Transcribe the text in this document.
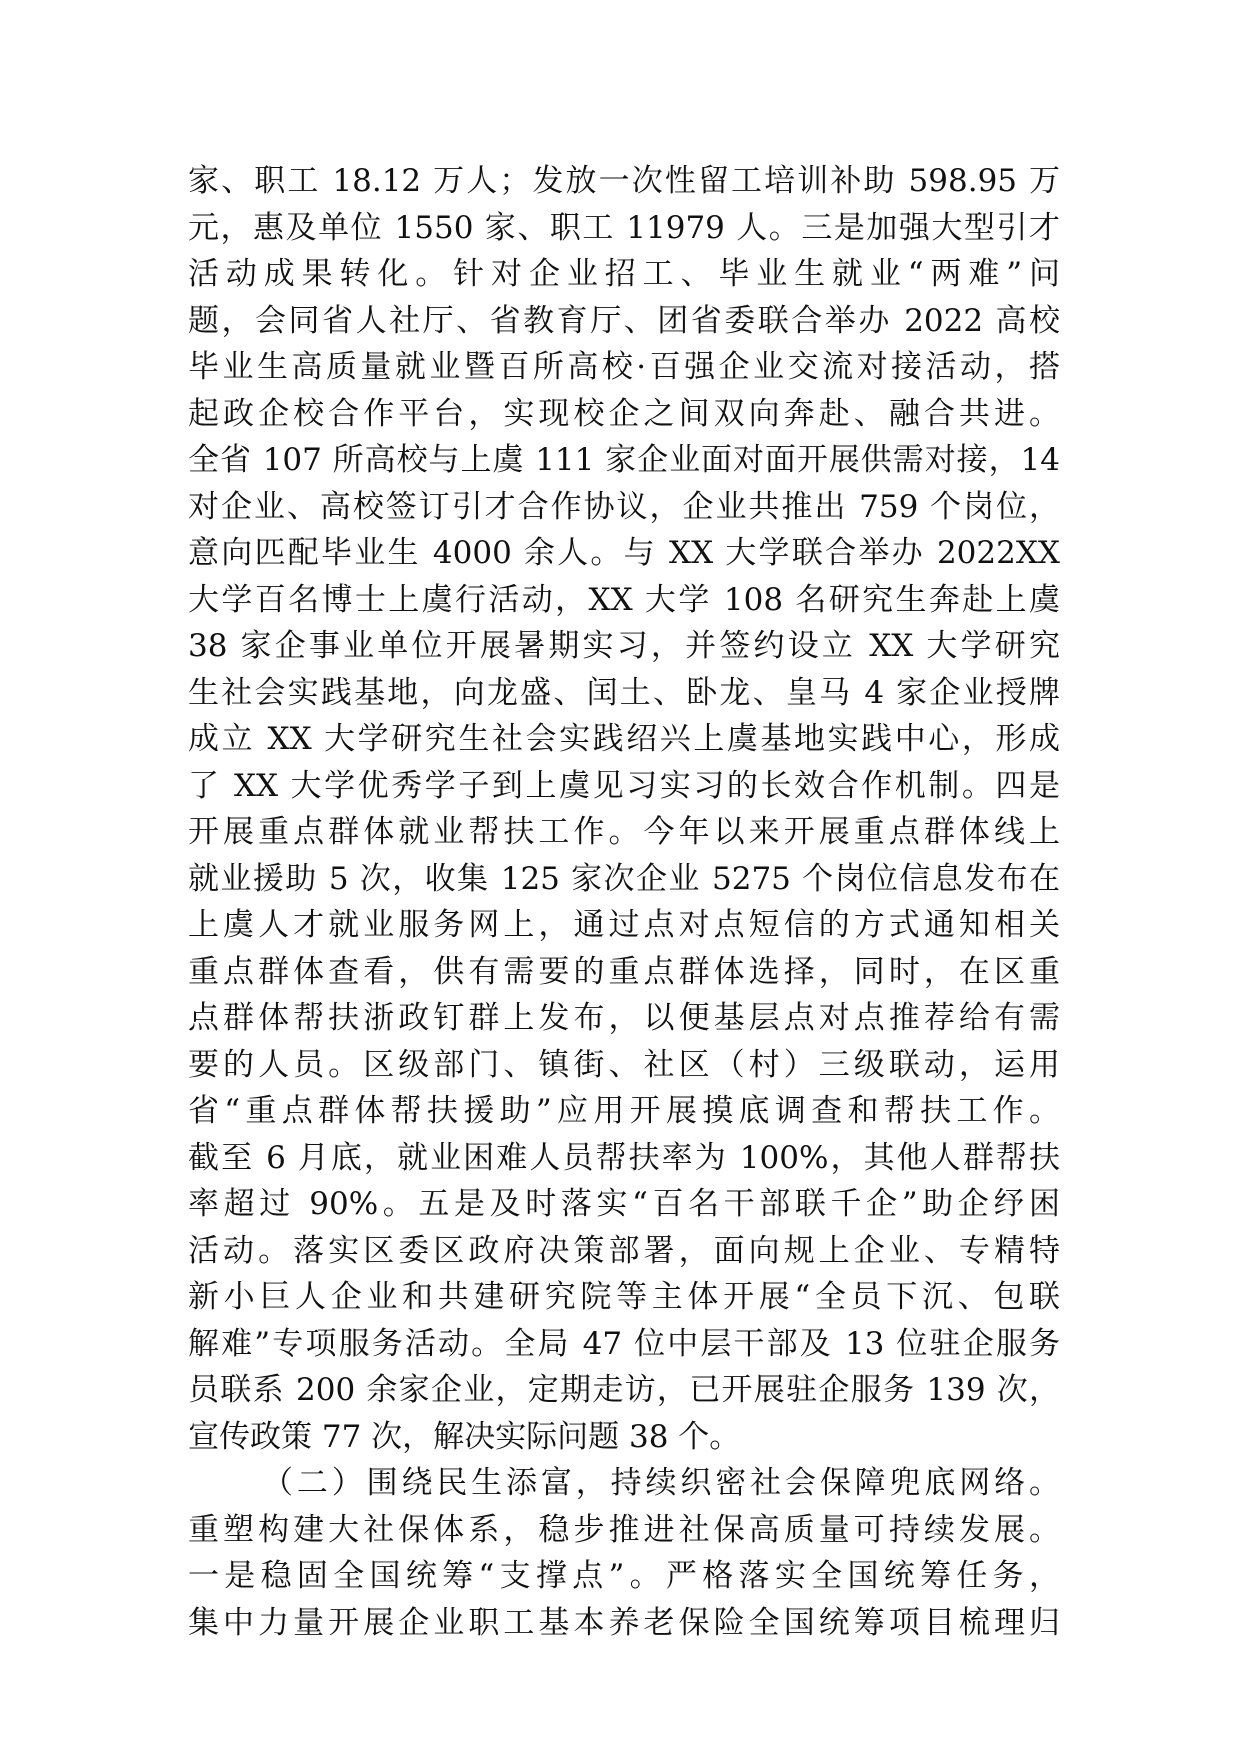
家、职工 18.12 万人；发放一次性留工培训补助 598.95 万
元，惠及单位 1550 家、职工 11979 人。三是加强大型引才
活动成果转化。针对企业招工、毕业生就业“两难”问
题，会同省人社厅、省教育厅、团省委联合举办 2022 高校
毕业生高质量就业暨百所高校·百强企业交流对接活动，搭
起政企校合作平台，实现校企之间双向奔赴、融合共进。
全省 107 所高校与上虞 111 家企业面对面开展供需对接，14
对企业、高校签订引才合作协议，企业共推出 759 个岗位，
意向匹配毕业生 4000 余人。与 XX 大学联合举办 2022XX
大学百名博士上虞行活动，XX 大学 108 名研究生奔赴上虞
38 家企事业单位开展暑期实习，并签约设立 XX 大学研究
生社会实践基地，向龙盛、闰土、卧龙、皇马 4 家企业授牌
成立 XX 大学研究生社会实践绍兴上虞基地实践中心，形成
了 XX 大学优秀学子到上虞见习实习的长效合作机制。四是
开展重点群体就业帮扶工作。今年以来开展重点群体线上
就业援助 5 次，收集 125 家次企业 5275 个岗位信息发布在
上虞人才就业服务网上，通过点对点短信的方式通知相关
重点群体查看，供有需要的重点群体选择，同时，在区重
点群体帮扶浙政钉群上发布，以便基层点对点推荐给有需
要的人员。区级部门、镇街、社区（村）三级联动，运用
省“重点群体帮扶援助”应用开展摸底调查和帮扶工作。
截至 6 月底，就业困难人员帮扶率为 100%，其他人群帮扶
率超过 90%。五是及时落实“百名干部联千企”助企纾困
活动。落实区委区政府决策部署，面向规上企业、专精特
新小巨人企业和共建研究院等主体开展“全员下沉、包联
解难”专项服务活动。全局 47 位中层干部及 13 位驻企服务
员联系 200 余家企业，定期走访，已开展驻企服务 139 次，
宣传政策 77 次，解决实际问题 38 个。
（二）围绕民生添富，持续织密社会保障兜底网络。
重塑构建大社保体系，稳步推进社保高质量可持续发展。
一是稳固全国统筹“支撑点”。严格落实全国统筹任务，
集中力量开展企业职工基本养老保险全国统筹项目梳理归
